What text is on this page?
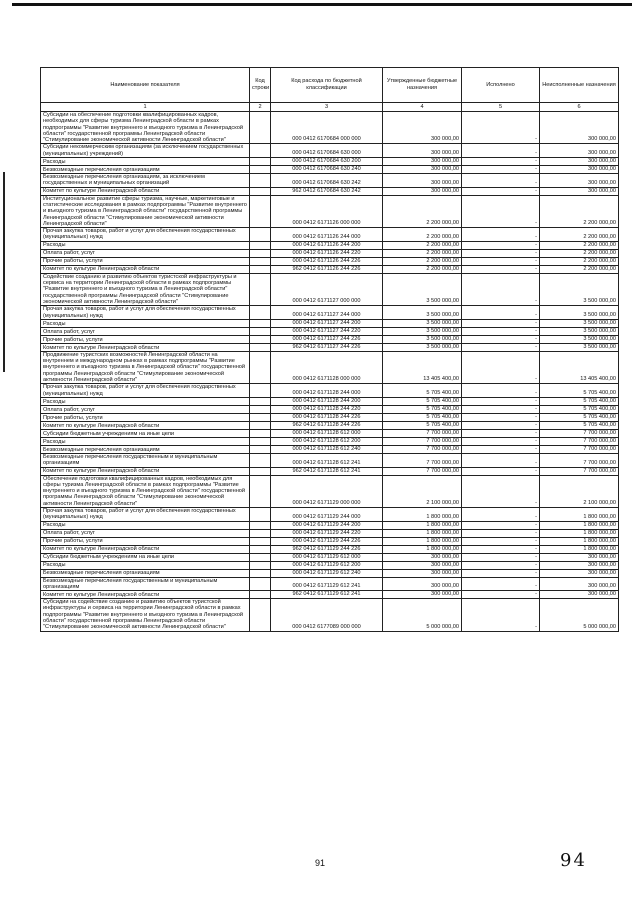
Наименование показателя	Код строки	Код расхода по бюджетной классификации	Утвержденные бюджетные назначения	Исполнено	Неисполненные назначения
1	2	3	4	5	6
Субсидии на обеспечение подготовки квалифицированных кадров, необходимых для сферы туризма Ленинградской области в рамках подпрограммы "Развитие внутреннего и въездного туризма в Ленинградской области" государственной программы Ленинградской области "Стимулирование экономической активности Ленинградской области"		000 0412 6170684 000 000	300 000,00	-	300 000,00
Субсидии некоммерческим организациям (за исключением государственных (муниципальных) учреждений)		000 0412 6170684 630 000	300 000,00	-	300 000,00
Расходы		000 0412 6170684 630 200	300 000,00	-	300 000,00
Безвозмездные перечисления организациям		000 0412 6170684 630 240	300 000,00	-	300 000,00
Безвозмездные перечисления организациям, за исключением государственных и муниципальных организаций		000 0412 6170684 630 242	300 000,00	-	300 000,00
Комитет по культуре Ленинградской области		962 0412 6170684 630 242	300 000,00	-	300 000,00
Институциональное развитие сферы туризма, научные, маркетинговые и статистические исследования в рамках подпрограммы "Развитие внутреннего и въездного туризма в Ленинградской области" государственной программы Ленинградской области "Стимулирование экономической активности Ленинградской области"		000 0412 6171126 000 000	2 200 000,00	-	2 200 000,00
Прочая закупка товаров, работ и услуг для обеспечения государственных (муниципальных) нужд		000 0412 6171126 244 000	2 200 000,00	-	2 200 000,00
Расходы		000 0412 6171126 244 200	2 200 000,00	-	2 200 000,00
Оплата работ, услуг		000 0412 6171126 244 220	2 200 000,00	-	2 200 000,00
Прочие работы, услуги		000 0412 6171126 244 226	2 200 000,00	-	2 200 000,00
Комитет по культуре Ленинградской области		962 0412 6171126 244 226	2 200 000,00	-	2 200 000,00
Содействие созданию и развитию объектов туристской инфраструктуры и сервиса на территории Ленинградской области в рамках подпрограммы "Развитие внутреннего и въездного туризма в Ленинградской области" государственной программы Ленинградской области "Стимулирование экономической активности Ленинградской области"		000 0412 6171127 000 000	3 500 000,00	-	3 500 000,00
Прочая закупка товаров, работ и услуг для обеспечения государственных (муниципальных) нужд		000 0412 6171127 244 000	3 500 000,00	-	3 500 000,00
Расходы		000 0412 6171127 244 200	3 500 000,00	-	3 500 000,00
Оплата работ, услуг		000 0412 6171127 244 220	3 500 000,00	-	3 500 000,00
Прочие работы, услуги		000 0412 6171127 244 226	3 500 000,00	-	3 500 000,00
Комитет по культуре Ленинградской области		962 0412 6171127 244 226	3 500 000,00	-	3 500 000,00
Продвижение туристских возможностей Ленинградской области на внутреннем и международном рынках в рамках подпрограммы "Развитие внутреннего и въездного туризма в Ленинградской области" государственной программы Ленинградской области "Стимулирование экономической активности Ленинградской области"		000 0412 6171128 000 000	13 405 400,00	-	13 405 400,00
Прочая закупка товаров, работ и услуг для обеспечения государственных (муниципальных) нужд		000 0412 6171128 244 000	5 705 400,00	-	5 705 400,00
Расходы		000 0412 6171128 244 200	5 705 400,00	-	5 705 400,00
Оплата работ, услуг		000 0412 6171128 244 220	5 705 400,00	-	5 705 400,00
Прочие работы, услуги		000 0412 6171128 244 226	5 705 400,00	-	5 705 400,00
Комитет по культуре Ленинградской области		962 0412 6171128 244 226	5 705 400,00	-	5 705 400,00
Субсидии бюджетным учреждениям на иные цели		000 0412 6171128 612 000	7 700 000,00	-	7 700 000,00
Расходы		000 0412 6171128 612 200	7 700 000,00	-	7 700 000,00
Безвозмездные перечисления организациям		000 0412 6171128 612 240	7 700 000,00	-	7 700 000,00
Безвозмездные перечисления государственным и муниципальным организациям		000 0412 6171128 612 241	7 700 000,00	-	7 700 000,00
Комитет по культуре Ленинградской области		962 0412 6171128 612 241	7 700 000,00	-	7 700 000,00
Обеспечение подготовки квалифицированных кадров, необходимых для сферы туризма Ленинградской области в рамках подпрограммы "Развитие внутреннего и въездного туризма в Ленинградской области" государственной программы Ленинградской области "Стимулирование экономической активности Ленинградской области"		000 0412 6171129 000 000	2 100 000,00	-	2 100 000,00
Прочая закупка товаров, работ и услуг для обеспечения государственных (муниципальных) нужд		000 0412 6171129 244 000	1 800 000,00	-	1 800 000,00
Расходы		000 0412 6171129 244 200	1 800 000,00	-	1 800 000,00
Оплата работ, услуг		000 0412 6171129 244 220	1 800 000,00	-	1 800 000,00
Прочие работы, услуги		000 0412 6171129 244 226	1 800 000,00	-	1 800 000,00
Комитет по культуре Ленинградской области		962 0412 6171129 244 226	1 800 000,00	-	1 800 000,00
Субсидии бюджетным учреждениям на иные цели		000 0412 6171129 612 000	300 000,00	-	300 000,00
Расходы		000 0412 6171129 612 200	300 000,00	-	300 000,00
Безвозмездные перечисления организациям		000 0412 6171129 612 240	300 000,00	-	300 000,00
Безвозмездные перечисления государственным и муниципальным организациям		000 0412 6171129 612 241	300 000,00	-	300 000,00
Комитет по культуре Ленинградской области		962 0412 6171129 612 241	300 000,00	-	300 000,00
Субсидии на содействие созданию и развитию объектов туристской инфраструктуры и сервиса на территории Ленинградской области в рамках подпрограммы "Развитие внутреннего и въездного туризма в Ленинградской области" государственной программы Ленинградской области "Стимулирование экономической активности Ленинградской области"		000 0412 6177089 000 000	5 000 000,00	-	5 000 000,00
91	94
